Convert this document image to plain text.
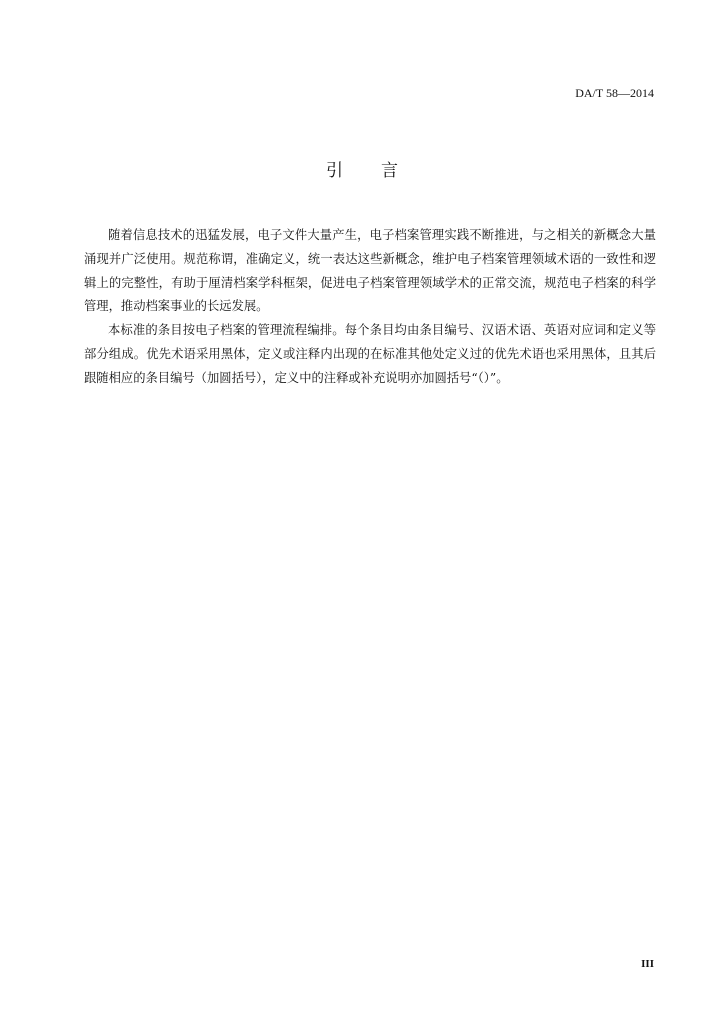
DA/T 58—2014
引言

随着信息技术的迅猛发展，电子文件大量产生，电子档案管理实践不断推进，与之相关的新概念大量涌现并广泛使用。规范称谓，准确定义，统一表达这些新概念，维护电子档案管理领域术语的一致性和逻辑上的完整性，有助于厘清档案学科框架，促进电子档案管理领域学术的正常交流，规范电子档案的科学管理，推动档案事业的长远发展。

本标准的条目按电子档案的管理流程编排。每个条目均由条目编号、汉语术语、英语对应词和定义等部分组成。优先术语采用黑体，定义或注释内出现的在标准其他处定义过的优先术语也采用黑体，且其后跟随相应的条目编号（加圆括号），定义中的注释或补充说明亦加圆括号“（）”。

III
